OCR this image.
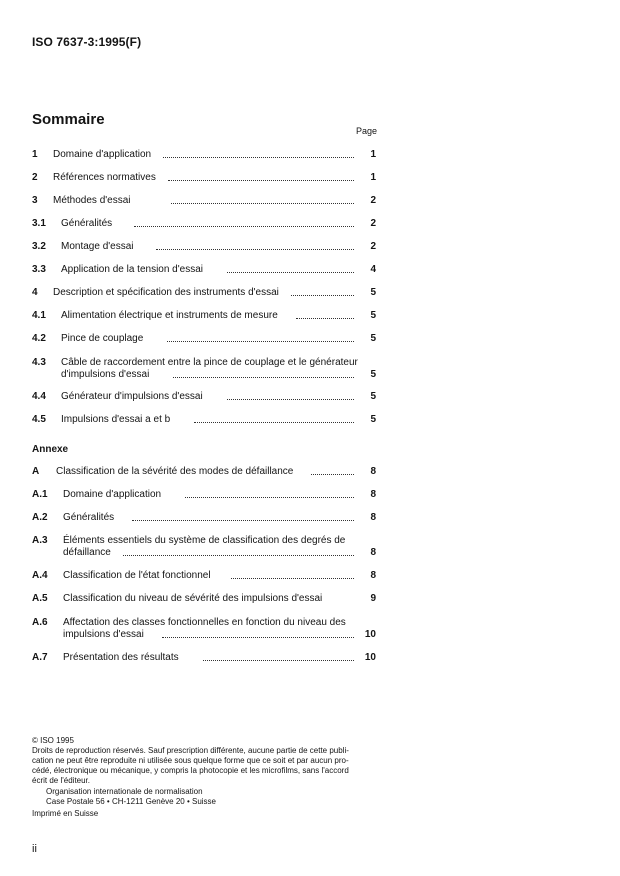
ISO 7637-3:1995(F)
Sommaire
Page
1 Domaine d'application	1
2 Références normatives	1
3 Méthodes d'essai	2
3.1 Généralités	2
3.2 Montage d'essai	2
3.3 Application de la tension d'essai	4
4 Description et spécification des instruments d'essai	5
4.1 Alimentation électrique et instruments de mesure	5
4.2 Pince de couplage	5
4.3 Câble de raccordement entre la pince de couplage et le générateur
d'impulsions d'essai	5
4.4 Générateur d'impulsions d'essai	5
4.5 Impulsions d'essai a et b	5
Annexe
A Classification de la sévérité des modes de défaillance	8
A.1 Domaine d'application	8
A.2 Généralités	8
A.3 Éléments essentiels du système de classification des degrés de
défaillance	8
A.4 Classification de l'état fonctionnel	8
A.5 Classification du niveau de sévérité des impulsions d'essai	9
A.6 Affectation des classes fonctionnelles en fonction du niveau des
impulsions d'essai	10
A.7 Présentation des résultats	10
© ISO 1995
Droits de reproduction réservés. Sauf prescription différente, aucune partie de cette publi-
cation ne peut être reproduite ni utilisée sous quelque forme que ce soit et par aucun pro-
cédé, électronique ou mécanique, y compris la photocopie et les microfilms, sans l'accord
écrit de l'éditeur.
Organisation internationale de normalisation
Case Postale 56 • CH-1211 Genève 20 • Suisse
Imprimé en Suisse
ii
